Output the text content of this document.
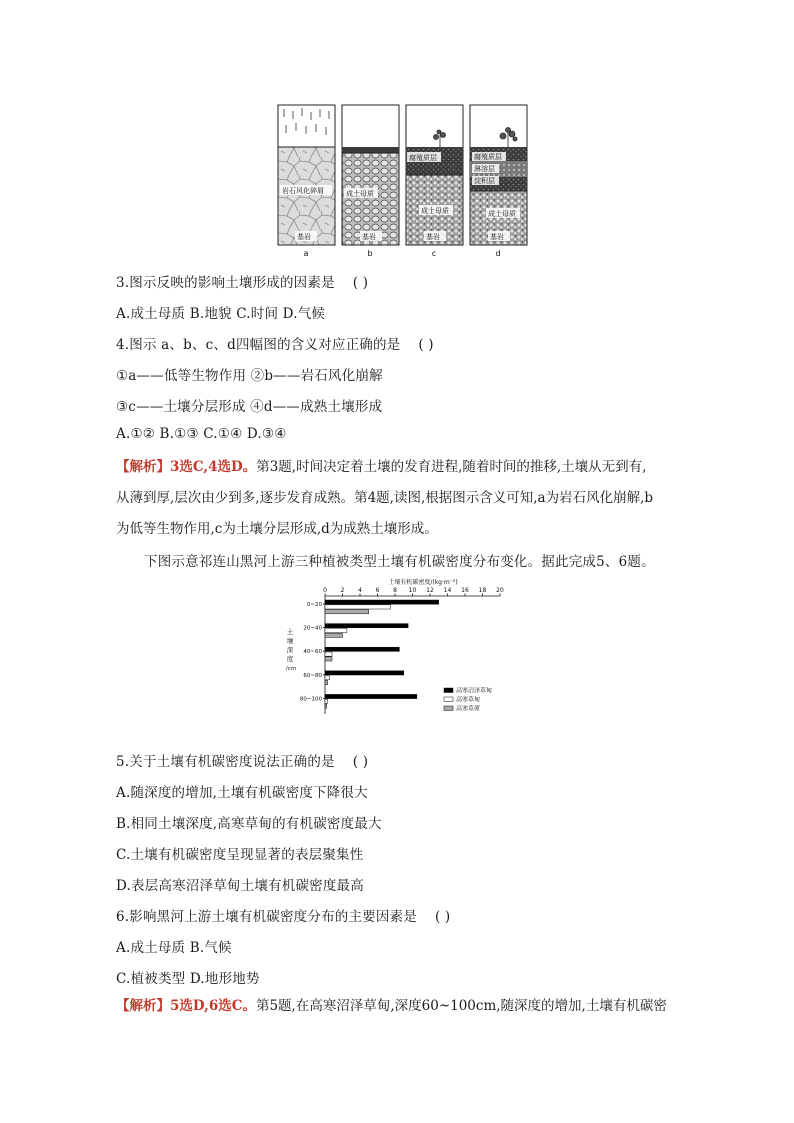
岩石风化碎屑
基岩
成土母质
基岩
腐殖质层
成土母质
基岩
腐殖质层
淋溶层
淀积层
成土母质
基岩
a	b	c	d
3.图示反映的影响土壤形成的因素是 ( )
A.成土母质 B.地貌 C.时间 D.气候
4.图示 a、b、c、d四幅图的含义对应正确的是 ( )
①a——低等生物作用 ②b——岩石风化崩解
③c——土壤分层形成 ④d——成熟土壤形成
A.①② B.①③ C.①④ D.③④
【解析】3选C,4选D。第3题,时间决定着土壤的发育进程,随着时间的推移,土壤从无到有,
从薄到厚,层次由少到多,逐步发育成熟。第4题,读图,根据图示含义可知,a为岩石风化崩解,b
为低等生物作用,c为土壤分层形成,d为成熟土壤形成。
下图示意祁连山黑河上游三种植被类型土壤有机碳密度分布变化。据此完成5、6题。
土壤有机碳密度/(kg·m⁻²)
0 2 4 6 8 10 12 14 16 18 20
0~20
20~40
40~60
60~80
80~100
土
壤
深
度
/cm
高寒沼泽草甸
高寒草甸
高寒草原
5.关于土壤有机碳密度说法正确的是 ( )
A.随深度的增加,土壤有机碳密度下降很大
B.相同土壤深度,高寒草甸的有机碳密度最大
C.土壤有机碳密度呈现显著的表层聚集性
D.表层高寒沼泽草甸土壤有机碳密度最高
6.影响黑河上游土壤有机碳密度分布的主要因素是 ( )
A.成土母质 B.气候
C.植被类型 D.地形地势
【解析】5选D,6选C。第5题,在高寒沼泽草甸,深度60~100cm,随深度的增加,土壤有机碳密
